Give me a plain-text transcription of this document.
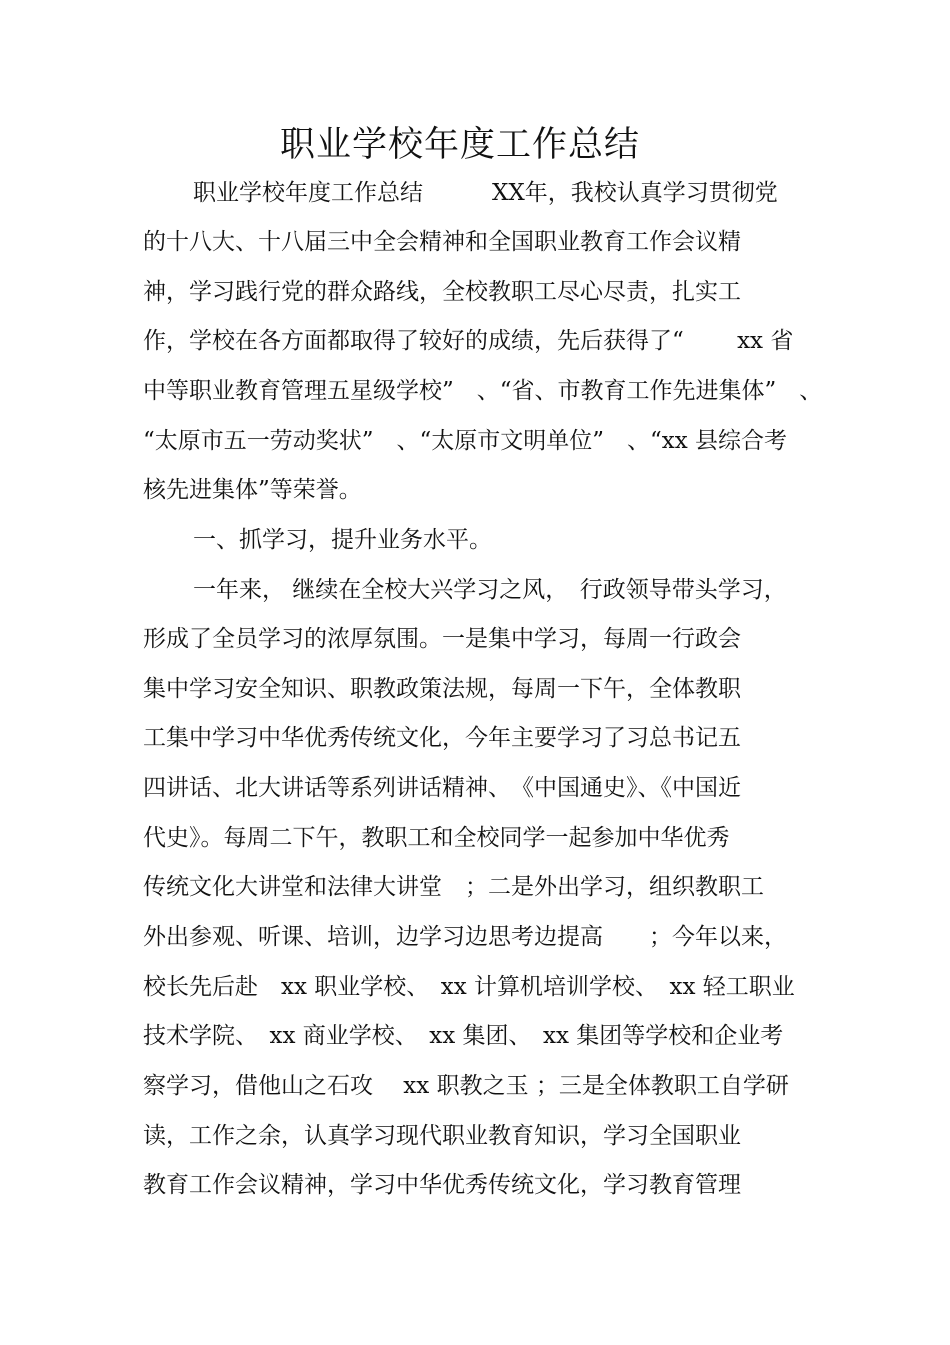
职业学校年度工作总结
职业学校年度工作总结　　　XX年，我校认真学习贯彻党
的十八大、十八届三中全会精神和全国职业教育工作会议精
神，学习践行党的群众路线，全校教职工尽心尽责，扎实工
作，学校在各方面都取得了较好的成绩，先后获得了“　　 xx 省
中等职业教育管理五星级学校”　、“省、市教育工作先进集体”　、
“太原市五一劳动奖状”　、“太原市文明单位”　、“xx 县综合考
核先进集体”等荣誉。
一、抓学习，提升业务水平。
一年来， 继续在全校大兴学习之风，　行政领导带头学习，
形成了全员学习的浓厚氛围。一是集中学习，每周一行政会
集中学习安全知识、职教政策法规，每周一下午，全体教职
工集中学习中华优秀传统文化，今年主要学习了习总书记五
四讲话、北大讲话等系列讲话精神、　《中国通史》、《中国近
代史》。每周二下午，教职工和全校同学一起参加中华优秀
传统文化大讲堂和法律大讲堂　；二是外出学习，组织教职工
外出参观、听课、培训，边学习边思考边提高　　；今年以来，
校长先后赴　xx 职业学校、　xx 计算机培训学校、　xx 轻工职业
技术学院、　xx 商业学校、　xx 集团、　xx 集团等学校和企业考
察学习，借他山之石攻　 xx 职教之玉 ；三是全体教职工自学研
读，工作之余，认真学习现代职业教育知识，学习全国职业
教育工作会议精神，学习中华优秀传统文化，学习教育管理
